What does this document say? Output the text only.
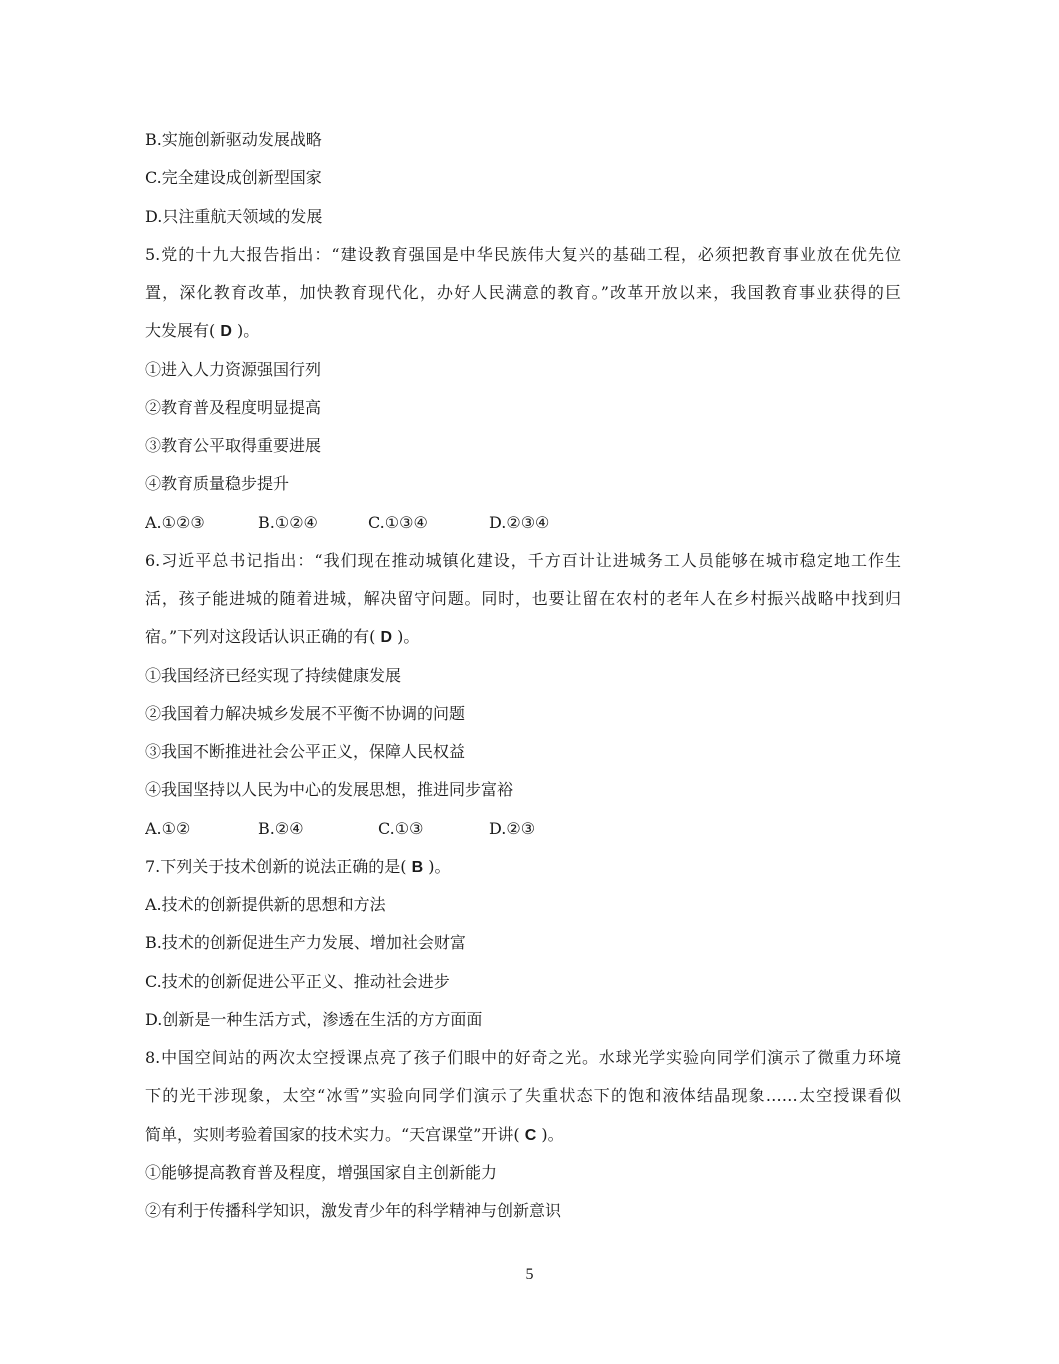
B.实施创新驱动发展战略
C.完全建设成创新型国家
D.只注重航天领域的发展
5.党的十九大报告指出：“建设教育强国是中华民族伟大复兴的基础工程，必须把教育事业放在优先位
置，深化教育改革，加快教育现代化，办好人民满意的教育。”改革开放以来，我国教育事业获得的巨
大发展有( D )。
①进入人力资源强国行列
②教育普及程度明显提高
③教育公平取得重要进展
④教育质量稳步提升

A.①②③

	B.①②④

	C.①③④

	D.②③④

6.习近平总书记指出：“我们现在推动城镇化建设，千方百计让进城务工人员能够在城市稳定地工作生
活，孩子能进城的随着进城，解决留守问题。同时，也要让留在农村的老年人在乡村振兴战略中找到归
宿。”下列对这段话认识正确的有( D )。
①我国经济已经实现了持续健康发展
②我国着力解决城乡发展不平衡不协调的问题
③我国不断推进社会公平正义，保障人民权益
④我国坚持以人民为中心的发展思想，推进同步富裕

A.①②

	B.②④

	C.①③

	D.②③

7.下列关于技术创新的说法正确的是( B )。
A.技术的创新提供新的思想和方法
B.技术的创新促进生产力发展、增加社会财富
C.技术的创新促进公平正义、推动社会进步
D.创新是一种生活方式，渗透在生活的方方面面
8.中国空间站的两次太空授课点亮了孩子们眼中的好奇之光。水球光学实验向同学们演示了微重力环境
下的光干涉现象，太空“冰雪”实验向同学们演示了失重状态下的饱和液体结晶现象……太空授课看似
简单，实则考验着国家的技术实力。“天宫课堂”开讲( C )。
①能够提高教育普及程度，增强国家自主创新能力
②有利于传播科学知识，激发青少年的科学精神与创新意识
5
